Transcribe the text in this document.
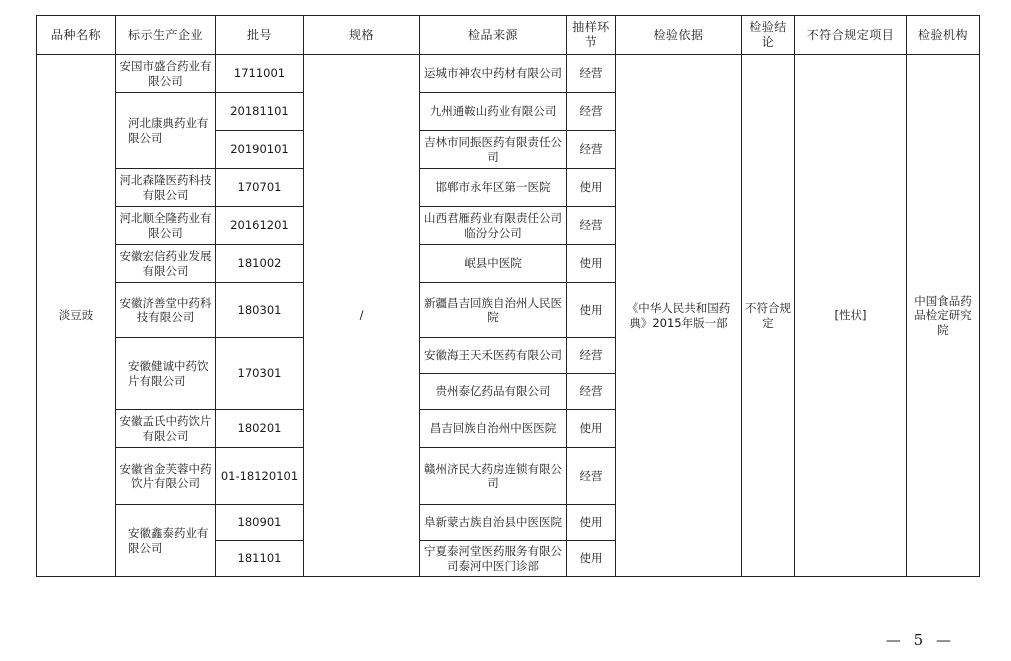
品种名称	标示生产企业	批号	规格	检品来源	抽样环节	检验依据	检验结论	不符合规定项目	检验机构
淡豆豉	安国市盛合药业有限公司	1711001	/	运城市神农中药材有限公司	经营	《中华人民共和国药典》2015年版一部	不符合规定	[性状]	中国食品药品检定研究院
	河北康典药业有限公司	20181101		九州通鞍山药业有限公司	经营				
		20190101		吉林市同振医药有限责任公司	经营				
	河北森隆医药科技有限公司	170701		邯郸市永年区第一医院	使用				
	河北顺全隆药业有限公司	20161201		山西君雁药业有限责任公司临汾分公司	经营				
	安徽宏信药业发展有限公司	181002		岷县中医院	使用				
	安徽济善堂中药科技有限公司	180301		新疆昌吉回族自治州人民医院	使用				
	安徽健诚中药饮片有限公司	170301		安徽海王天禾医药有限公司	经营				
				贵州泰亿药品有限公司	经营				
	安徽孟氏中药饮片有限公司	180201		昌吉回族自治州中医医院	使用				
	安徽省金芙蓉中药饮片有限公司	01-18120101		赣州济民大药房连锁有限公司	经营				
	安徽鑫泰药业有限公司	180901		阜新蒙古族自治县中医医院	使用				
		181101		宁夏泰河堂医药服务有限公司泰河中医门诊部	使用				
— 5 —
